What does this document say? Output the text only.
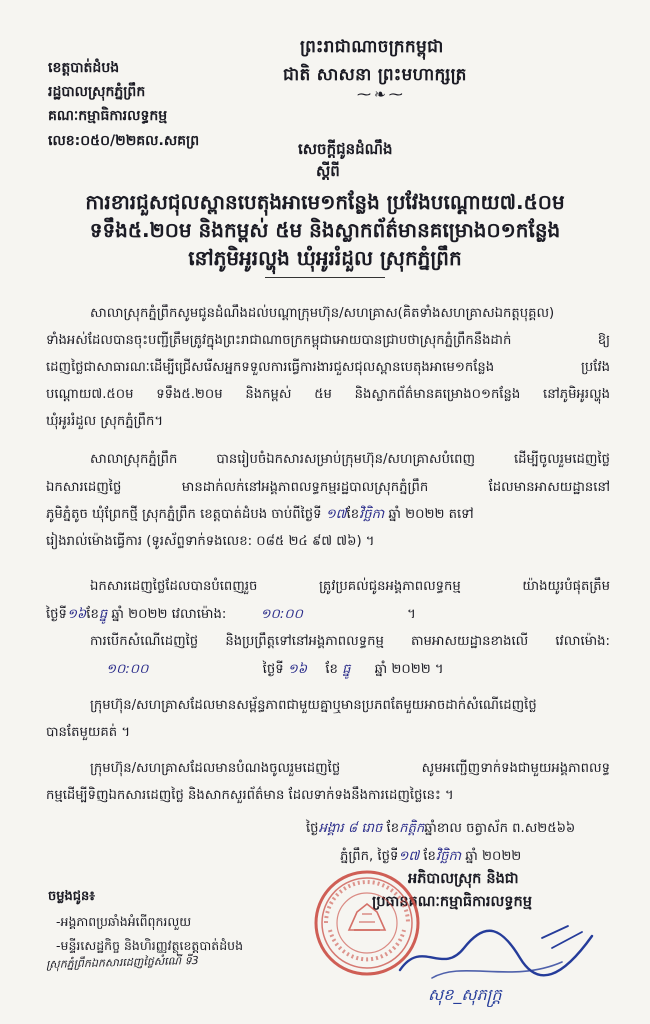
ព្រះរាជាណាចក្រកម្ពុជា
ជាតិ សាសនា ព្រះមហាក្សត្រ
⁓❧⁓
ខេត្តបាត់ដំបង
រដ្ឋបាលស្រុកភ្នំព្រឹក
គណៈកម្មាធិការលទ្ធកម្ម
លេខ:០៥០/២២គល.សគព្រ	សេចក្តីជូនដំណឹង
ស្តីពី
ការខារជួសជុលស្ពានបេតុងអាមេ១កន្លែង ប្រវែងបណ្តោយ៧.៥០ម
ទទឹង៥.២០ម និងកម្ពស់ ៥ម និងស្លាកព័ត៌មានគម្រោង០១កន្លែង
នៅភូមិអូរល្ហុង ឃុំអូររំដួល ស្រុកភ្នំព្រឹក
សាលាស្រុកភ្នំព្រឹកសូមជូនដំណឹងដល់បណ្តាក្រុមហ៊ុន/សហគ្រាស(គិតទាំងសហគ្រាសឯកត្តបុគ្គល)
ទាំងអស់ដែលបានចុះបញ្ជីត្រឹមត្រូវក្នុងព្រះរាជាណាចក្រកម្ពុជាអោយបានជ្រាបថាស្រុកភ្នំព្រឹកនឹងដាក់ ឱ្យ
ដេញថ្លៃជាសាធារណៈដើម្បីជ្រើសរើសអ្នកទទួលការធ្វើការងារជួសជុលស្ពានបេតុងអាមេ១កន្លែង ប្រវែង
បណ្តោយ៧.៥០ម ទទឹង៥.២០ម និងកម្ពស់ ៥ម និងស្លាកព័ត៌មានគម្រោង០១កន្លែង នៅភូមិអូរល្ហុង
ឃុំអូររំដួល ស្រុកភ្នំព្រឹក។
សាលាស្រុកភ្នំព្រឹក បានរៀបចំឯកសារសម្រាប់ក្រុមហ៊ុន/សហគ្រាសបំពេញ ដើម្បីចូលរួមដេញថ្លៃ
ឯកសារដេញថ្លៃ មានដាក់លក់នៅអង្គភាពលទ្ធកម្មរដ្ឋបាលស្រុកភ្នំព្រឹក ដែលមានអាសយដ្ឋាននៅ
ភូមិភ្នំតូច ឃុំព្រែកថ្មី ស្រុកភ្នំព្រឹក ខេត្តបាត់ដំបង ចាប់ពីថ្ងៃទី ១៧ខែវិច្ឆិកា ឆ្នាំ ២០២២ តទៅ
រៀងរាល់ម៉ោងធ្វើការ (ទូរស័ព្ទទាក់ទងលេខ: ០៨៥ ២៤ ៩៧ ៧៦) ។
ឯកសារដេញថ្លៃដែលបានបំពេញរួច ត្រូវប្រគល់ជូនអង្គភាពលទ្ធកម្ម យ៉ាងយូរបំផុតត្រឹម
ថ្ងៃទី១៦ខែធ្នូ ឆ្នាំ ២០២២ វេលាម៉ោង:	១០:០០	។
ការបើកសំណើដេញថ្លៃ និងប្រព្រឹត្តទៅនៅអង្គភាពលទ្ធកម្ម តាមអាសយដ្ឋានខាងលើ វេលាម៉ោង:
១០:០០	ថ្ងៃទី ១៦ ខែ ធ្នូ ឆ្នាំ ២០២២ ។
ក្រុមហ៊ុន/សហគ្រាសដែលមានសម្ព័ន្ធភាពជាមួយគ្នាឬមានប្រភពតែមួយអាចដាក់សំណើដេញថ្លៃ
បានតែមួយគត់ ។
ក្រុមហ៊ុន/សហគ្រាសដែលមានបំណងចូលរួមដេញថ្លៃ សូមអញ្ជើញទាក់ទងជាមួយអង្គភាពលទ្ធ
កម្មដើម្បីទិញឯកសារដេញថ្លៃ និងសាកសួរព័ត៌មាន ដែលទាក់ទងនឹងការដេញថ្លៃនេះ ។
ថ្ងៃអង្គារ ៨ រោច ខែកត្តិកឆ្នាំខាល ចត្វាស័ក ព.ស២៥៦៦
ភ្នំព្រឹក, ថ្ងៃទី១៧ ខែវិច្ឆិកា ឆ្នាំ ២០២២
អភិបាលស្រុក និងជា
ប្រធានគណៈកម្មាធិការលទ្ធកម្ម
ចម្លងជូន៖
-អង្គភាពប្រឆាំងអំពើពុករលួយ
-មន្ទីរសេដ្ឋកិច្ច និងហិរញ្ញវត្ថុខេត្តបាត់ដំបង
ស្រុកភ្នំព្រឹកឯកសារដេញថ្លៃសំណើ ទី3
សុខ_សុភក្ត្រ
